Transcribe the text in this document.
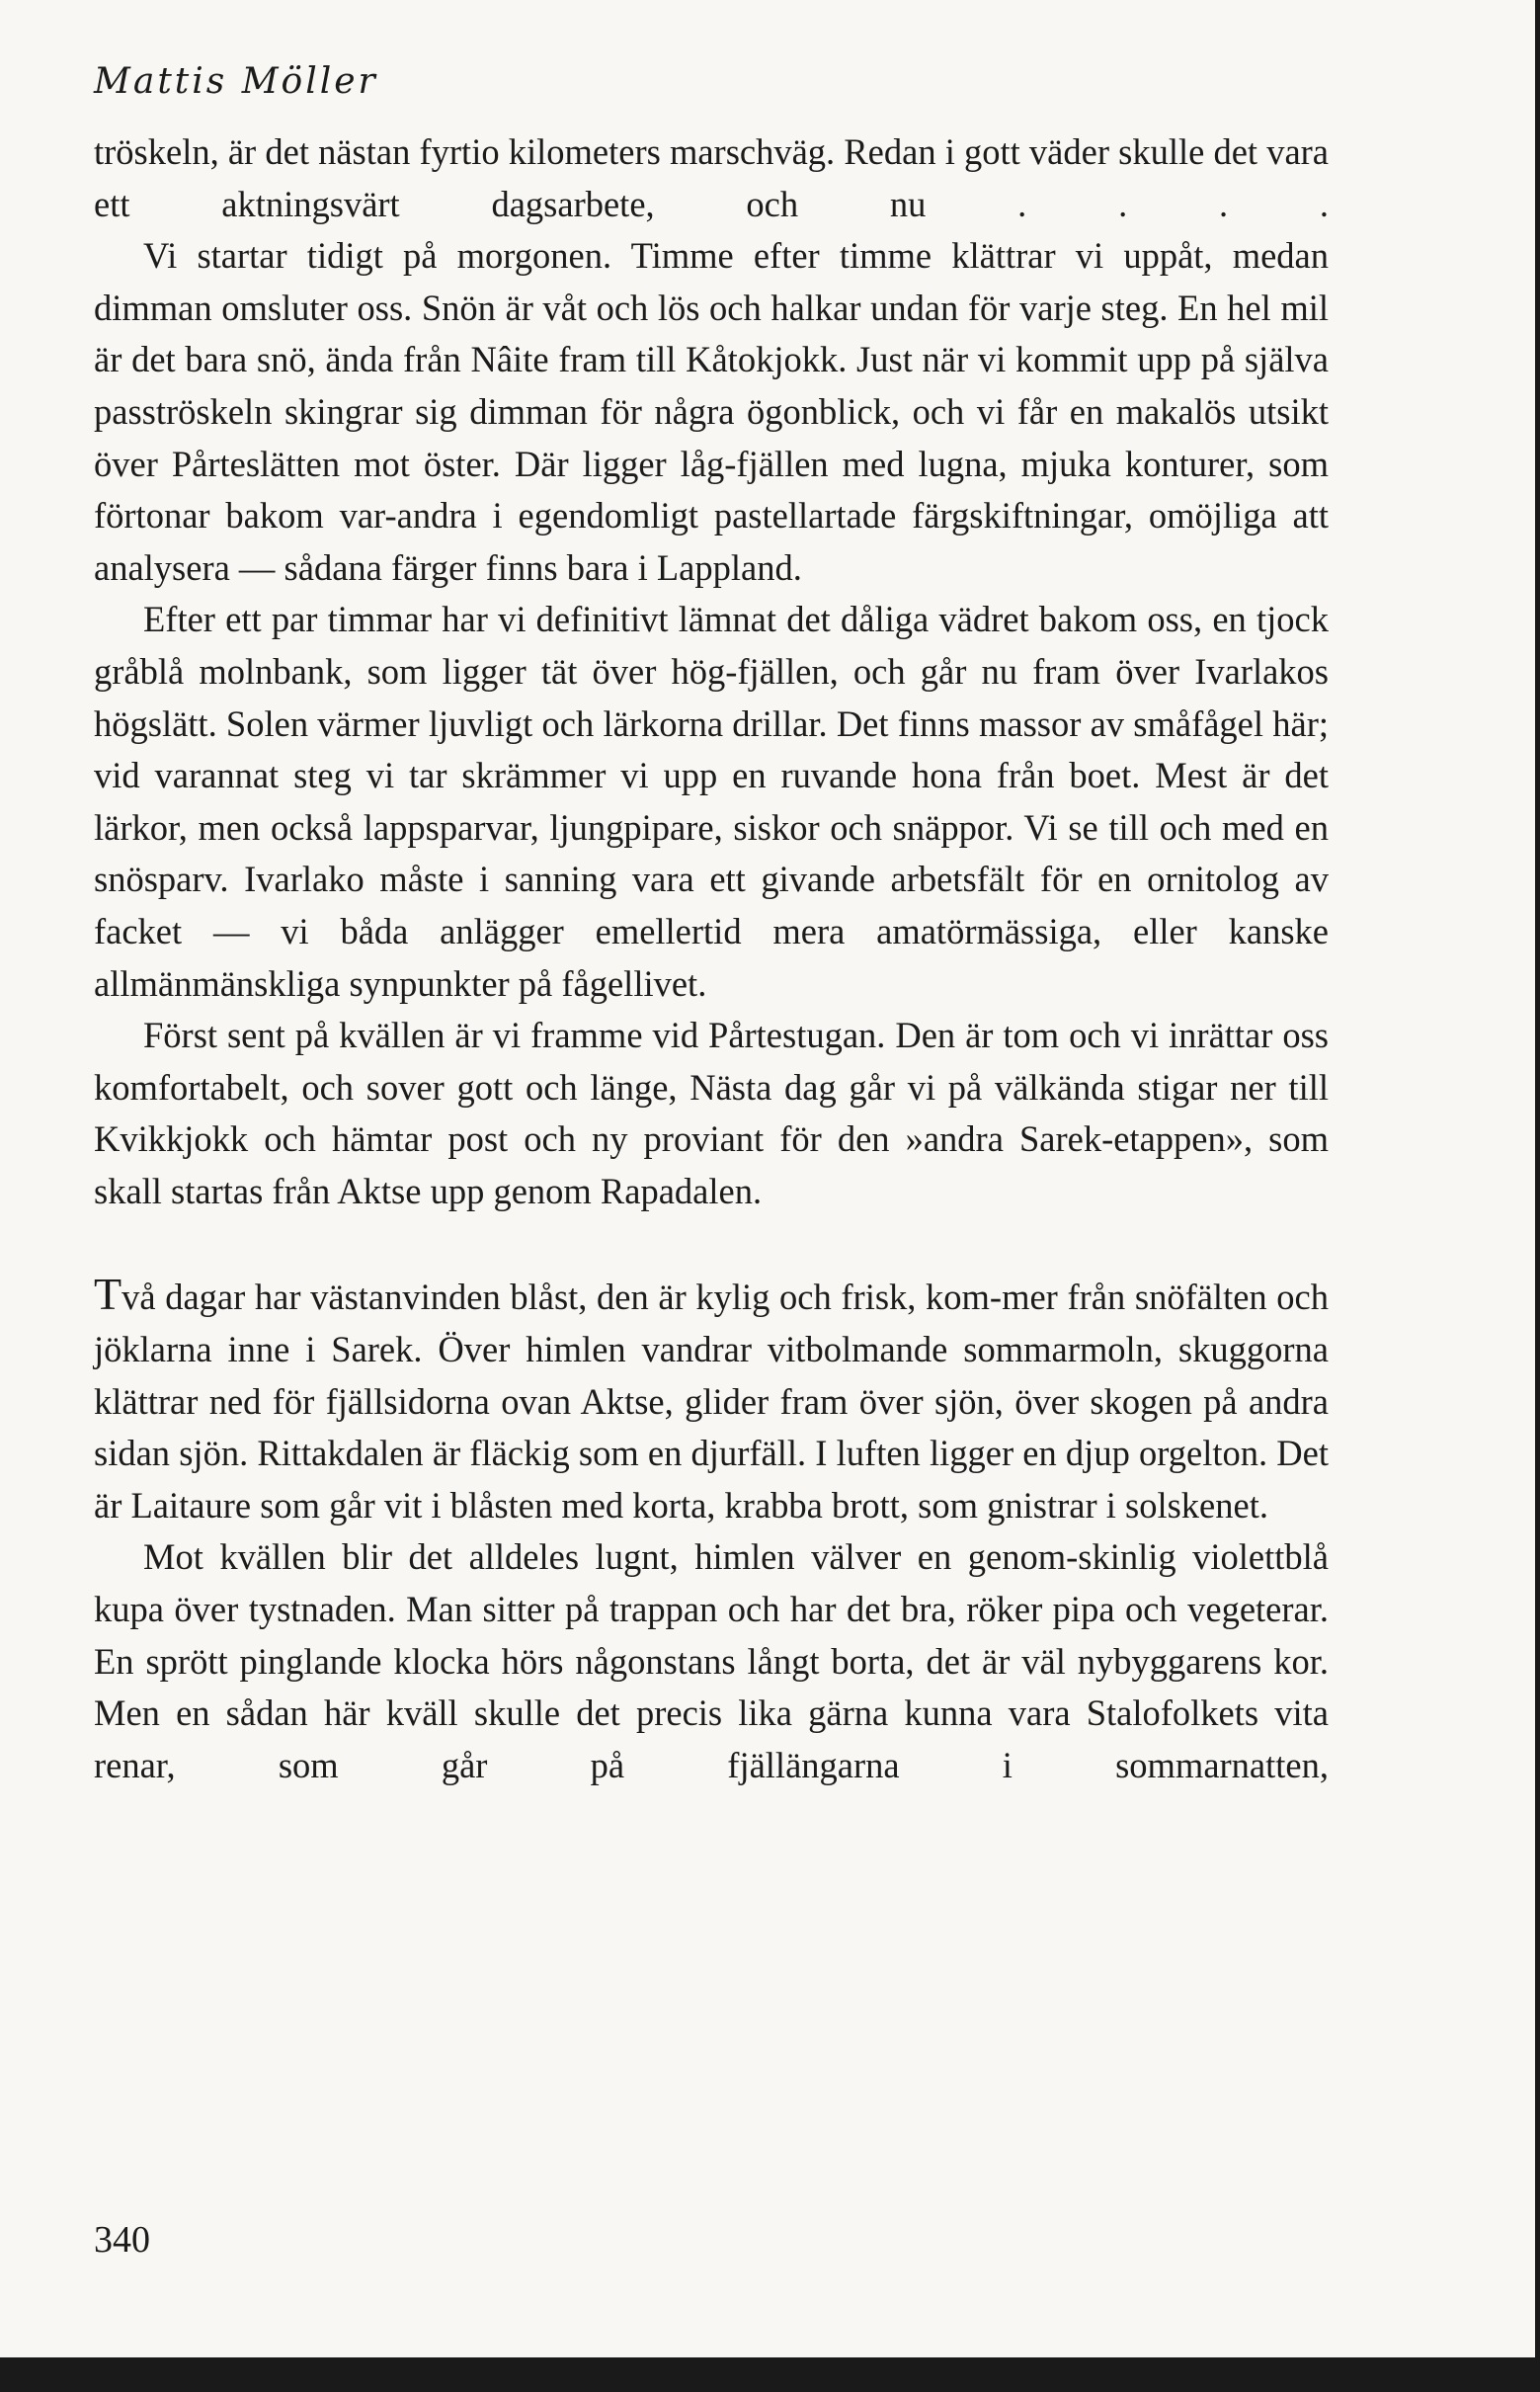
Mattis Möller

tröskeln, är det nästan fyrtio kilometers marschväg. Redan i gott väder skulle det vara ett aktningsvärt dagsarbete, och nu . . . .

Vi startar tidigt på morgonen. Timme efter timme klättrar vi uppåt, medan dimman omsluter oss. Snön är våt och lös och halkar undan för varje steg. En hel mil är det bara snö, ända från Nâite fram till Kåtokjokk. Just när vi kommit upp på själva pasströskeln skingrar sig dimman för några ögonblick, och vi får en makalös utsikt över Pårteslätten mot öster. Där ligger låg-fjällen med lugna, mjuka konturer, som förtonar bakom var-andra i egendomligt pastellartade färgskiftningar, omöjliga att analysera — sådana färger finns bara i Lappland.

Efter ett par timmar har vi definitivt lämnat det dåliga vädret bakom oss, en tjock gråblå molnbank, som ligger tät över hög-fjällen, och går nu fram över Ivarlakos högslätt. Solen värmer ljuvligt och lärkorna drillar. Det finns massor av småfågel här; vid varannat steg vi tar skrämmer vi upp en ruvande hona från boet. Mest är det lärkor, men också lappsparvar, ljungpipare, siskor och snäppor. Vi se till och med en snösparv. Ivarlako måste i sanning vara ett givande arbetsfält för en ornitolog av facket — vi båda anlägger emellertid mera amatörmässiga, eller kanske allmänmänskliga synpunkter på fågellivet.

Först sent på kvällen är vi framme vid Pårtestugan. Den är tom och vi inrättar oss komfortabelt, och sover gott och länge, Nästa dag går vi på välkända stigar ner till Kvikkjokk och hämtar post och ny proviant för den »andra Sarek-etappen», som skall startas från Aktse upp genom Rapadalen.

Två dagar har västanvinden blåst, den är kylig och frisk, kom-mer från snöfälten och jöklarna inne i Sarek. Över himlen vandrar vitbolmande sommarmoln, skuggorna klättrar ned för fjällsidorna ovan Aktse, glider fram över sjön, över skogen på andra sidan sjön. Rittakdalen är fläckig som en djurfäll. I luften ligger en djup orgelton. Det är Laitaure som går vit i blåsten med korta, krabba brott, som gnistrar i solskenet.

Mot kvällen blir det alldeles lugnt, himlen välver en genom-skinlig violettblå kupa över tystnaden. Man sitter på trappan och har det bra, röker pipa och vegeterar. En sprött pinglande klocka hörs någonstans långt borta, det är väl nybyggarens kor. Men en sådan här kväll skulle det precis lika gärna kunna vara Stalofolkets vita renar, som går på fjällängarna i sommarnatten,

340
